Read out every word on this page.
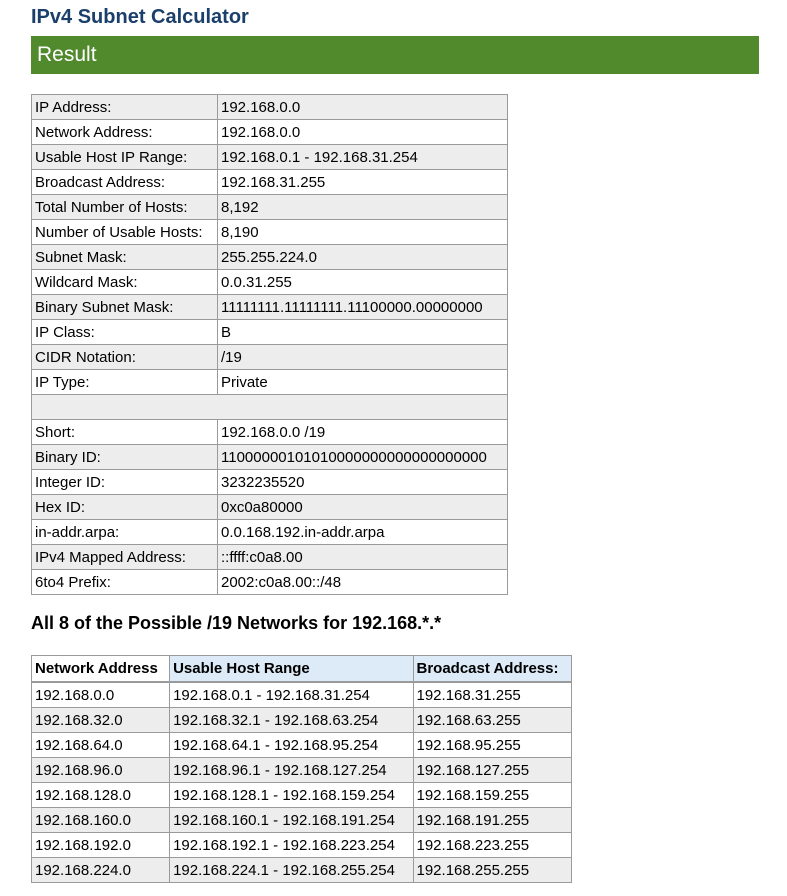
IPv4 Subnet Calculator
Result
IP Address:	192.168.0.0
Network Address:	192.168.0.0
Usable Host IP Range:	192.168.0.1 - 192.168.31.254
Broadcast Address:	192.168.31.255
Total Number of Hosts:	8,192
Number of Usable Hosts:	8,190
Subnet Mask:	255.255.224.0
Wildcard Mask:	0.0.31.255
Binary Subnet Mask:	11111111.11111111.11100000.00000000
IP Class:	B
CIDR Notation:	/19
IP Type:	Private

Short:	192.168.0.0 /19
Binary ID:	11000000101010000000000000000000
Integer ID:	3232235520
Hex ID:	0xc0a80000
in-addr.arpa:	0.0.168.192.in-addr.arpa
IPv4 Mapped Address:	::ffff:c0a8.00
6to4 Prefix:	2002:c0a8.00::/48
All 8 of the Possible /19 Networks for 192.168.*.*
Network Address	Usable Host Range	Broadcast Address:
192.168.0.0	192.168.0.1 - 192.168.31.254	192.168.31.255
192.168.32.0	192.168.32.1 - 192.168.63.254	192.168.63.255
192.168.64.0	192.168.64.1 - 192.168.95.254	192.168.95.255
192.168.96.0	192.168.96.1 - 192.168.127.254	192.168.127.255
192.168.128.0	192.168.128.1 - 192.168.159.254	192.168.159.255
192.168.160.0	192.168.160.1 - 192.168.191.254	192.168.191.255
192.168.192.0	192.168.192.1 - 192.168.223.254	192.168.223.255
192.168.224.0	192.168.224.1 - 192.168.255.254	192.168.255.255
